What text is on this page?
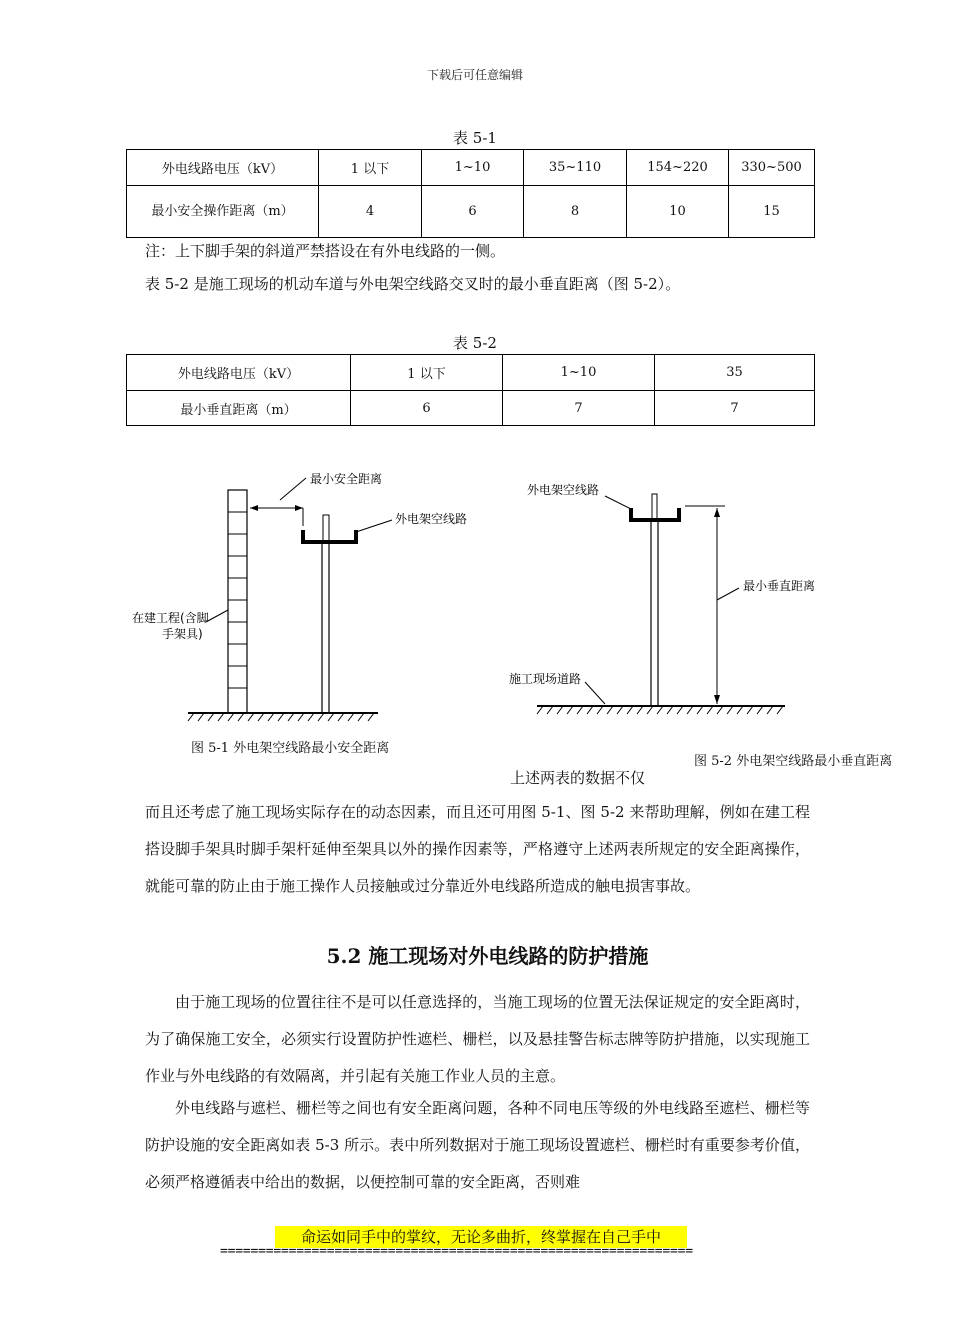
下载后可任意编辑
表 5-1
外电线路电压（kV）	1 以下	1~10	35~110	154~220	330~500
最小安全操作距离（m）	4	6	8	10	15
注：上下脚手架的斜道严禁搭设在有外电线路的一侧。
表 5-2 是施工现场的机动车道与外电架空线路交叉时的最小垂直距离（图 5-2）。
表 5-2
外电线路电压（kV）	1 以下	1~10	35
最小垂直距离（m）	6	7	7
最小安全距离
外电架空线路
在建工程(含脚
手架具)
图 5-1 外电架空线路最小安全距离
外电架空线路
最小垂直距离
施工现场道路
图 5-2 外电架空线路最小垂直距离
上述两表的数据不仅
而且还考虑了施工现场实际存在的动态因素，而且还可用图 5-1、图 5-2 来帮助理解，例如在建工程搭设脚手架具时脚手架杆延伸至架具以外的操作因素等，严格遵守上述两表所规定的安全距离操作，就能可靠的防止由于施工操作人员接触或过分靠近外电线路所造成的触电损害事故。
5.2 施工现场对外电线路的防护措施
由于施工现场的位置往往不是可以任意选择的，当施工现场的位置无法保证规定的安全距离时，为了确保施工安全，必须实行设置防护性遮栏、栅栏，以及悬挂警告标志牌等防护措施，以实现施工作业与外电线路的有效隔离，并引起有关施工作业人员的主意。
外电线路与遮栏、栅栏等之间也有安全距离问题，各种不同电压等级的外电线路至遮栏、栅栏等防护设施的安全距离如表 5-3 所示。表中所列数据对于施工现场设置遮栏、栅栏时有重要参考价值，必须严格遵循表中给出的数据，以便控制可靠的安全距离，否则难
命运如同手中的掌纹，无论多曲折，终掌握在自己手中
==============================================================
